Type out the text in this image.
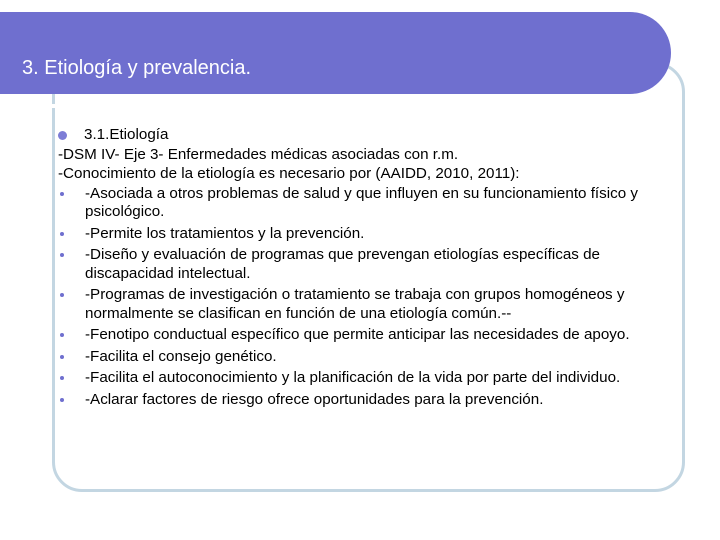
3. Etiología y prevalencia.
3.1.Etiología
-DSM IV- Eje 3- Enfermedades médicas asociadas con r.m.
-Conocimiento de la etiología es necesario por (AAIDD, 2010, 2011):
-Asociada a otros problemas de salud y que influyen en su funcionamiento físico y psicológico.
-Permite los tratamientos y la prevención.
-Diseño y evaluación de programas que prevengan etiologías específicas de discapacidad intelectual.
-Programas de investigación o tratamiento se trabaja con grupos homogéneos y normalmente se clasifican en función de una etiología común.--
-Fenotipo conductual específico que permite anticipar las necesidades de apoyo.
-Facilita el consejo genético.
-Facilita el autoconocimiento y la planificación de la vida por parte del individuo.
-Aclarar factores de riesgo ofrece oportunidades para la prevención.
